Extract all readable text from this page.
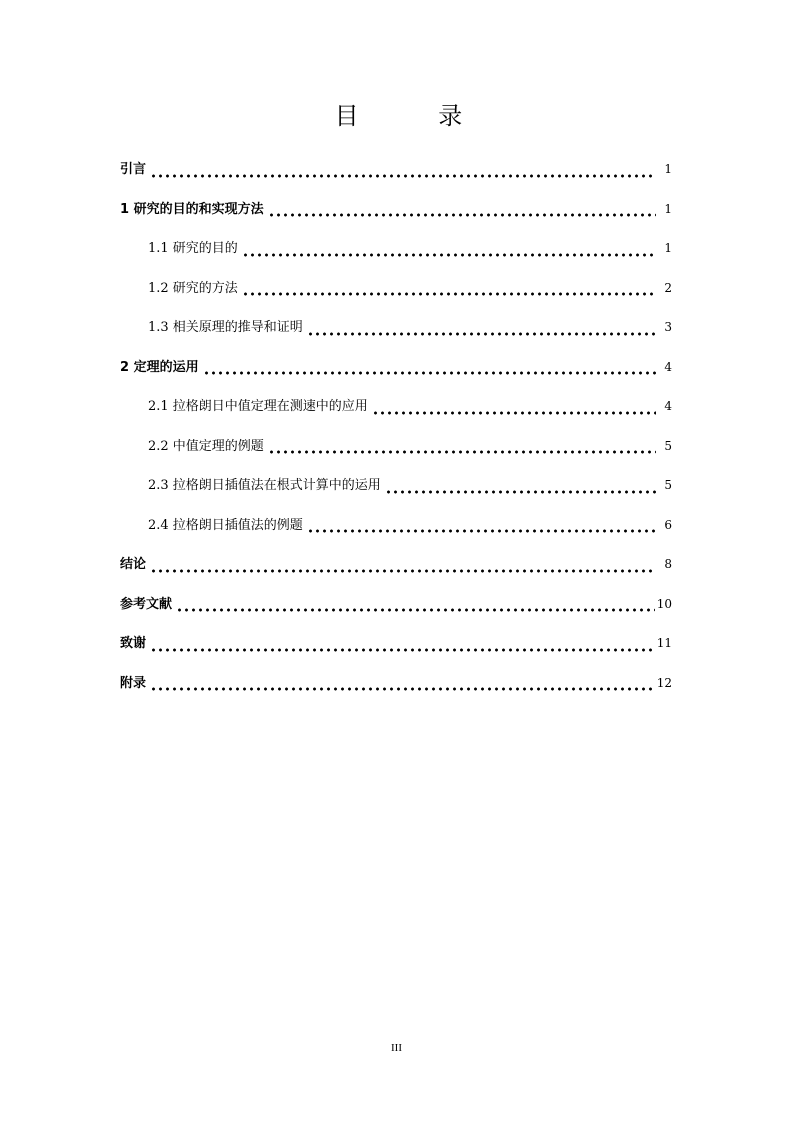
目 录
引言	1
1 研究的目的和实现方法	1
1.1 研究的目的	1
1.2 研究的方法	2
1.3 相关原理的推导和证明	3
2 定理的运用	4
2.1 拉格朗日中值定理在测速中的应用	4
2.2 中值定理的例题	5
2.3 拉格朗日插值法在根式计算中的运用	5
2.4 拉格朗日插值法的例题	6
结论	8
参考文献	10
致谢	11
附录	12
III
